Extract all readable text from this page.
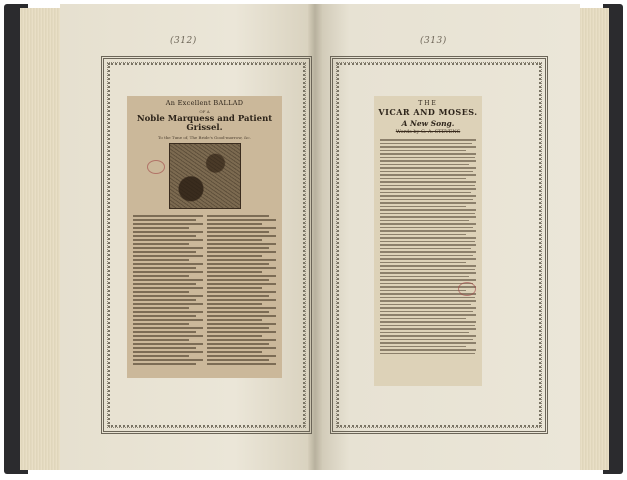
(312)	(313)
An Excellent BALLAD
OF A
Noble Marquess and Patient Grissel.
To the Tune of, The Bride's Good-morrow, &c.
THE
VICAR AND MOSES.
A New Song.
Words by G. A. STEVENS
